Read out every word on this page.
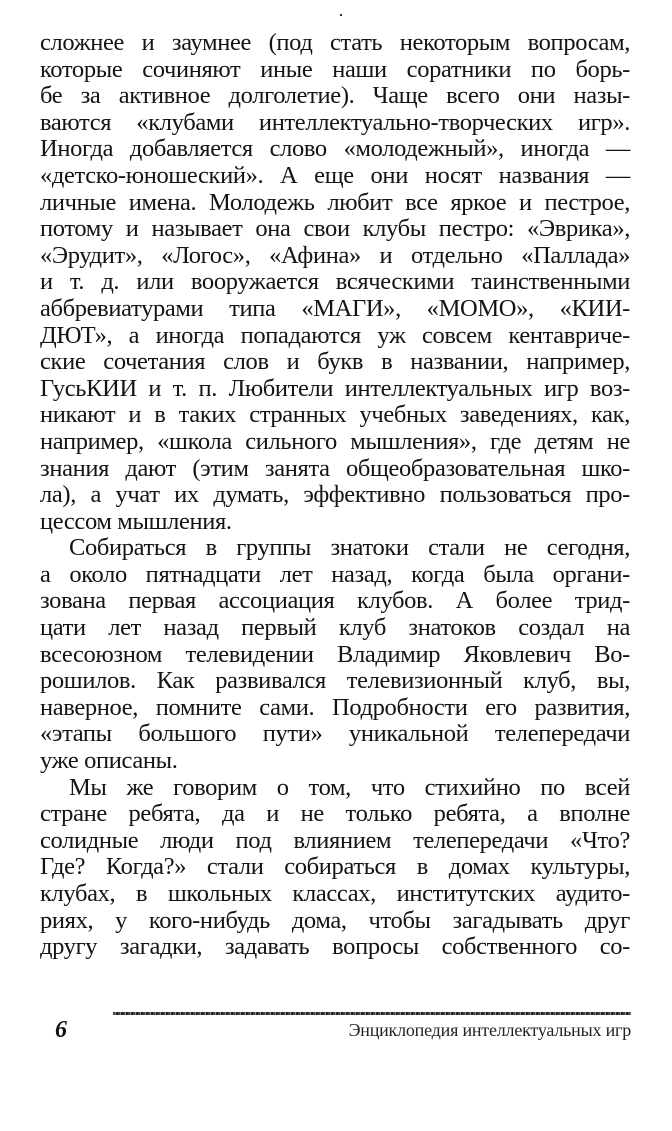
сложнее и заумнее (под стать некоторым вопросам,
которые сочиняют иные наши соратники по борь-
бе за активное долголетие). Чаще всего они назы-
ваются «клубами интеллектуально-творческих игр».
Иногда добавляется слово «молодежный», иногда —
«детско-юношеский». А еще они носят названия —
личные имена. Молодежь любит все яркое и пестрое,
потому и называет она свои клубы пестро: «Эврика»,
«Эрудит», «Логос», «Афина» и отдельно «Паллада»
и т. д. или вооружается всяческими таинственными
аббревиатурами типа «МАГИ», «МОМО», «КИИ-
ДЮТ», а иногда попадаются уж совсем кентавриче-
ские сочетания слов и букв в названии, например,
ГусьКИИ и т. п. Любители интеллектуальных игр воз-
никают и в таких странных учебных заведениях, как,
например, «школа сильного мышления», где детям не
знания дают (этим занята общеобразовательная шко-
ла), а учат их думать, эффективно пользоваться про-
цессом мышления.
Собираться в группы знатоки стали не сегодня,
а около пятнадцати лет назад, когда была органи-
зована первая ассоциация клубов. А более трид-
цати лет назад первый клуб знатоков создал на
всесоюзном телевидении Владимир Яковлевич Во-
рошилов. Как развивался телевизионный клуб, вы,
наверное, помните сами. Подробности его развития,
«этапы большого пути» уникальной телепередачи
уже описаны.
Мы же говорим о том, что стихийно по всей
стране ребята, да и не только ребята, а вполне
солидные люди под влиянием телепередачи «Что?
Где? Когда?» стали собираться в домах культуры,
клубах, в школьных классах, институтских аудито-
риях, у кого-нибудь дома, чтобы загадывать друг
другу загадки, задавать вопросы собственного со-
6	Энциклопедия интеллектуальных игр
